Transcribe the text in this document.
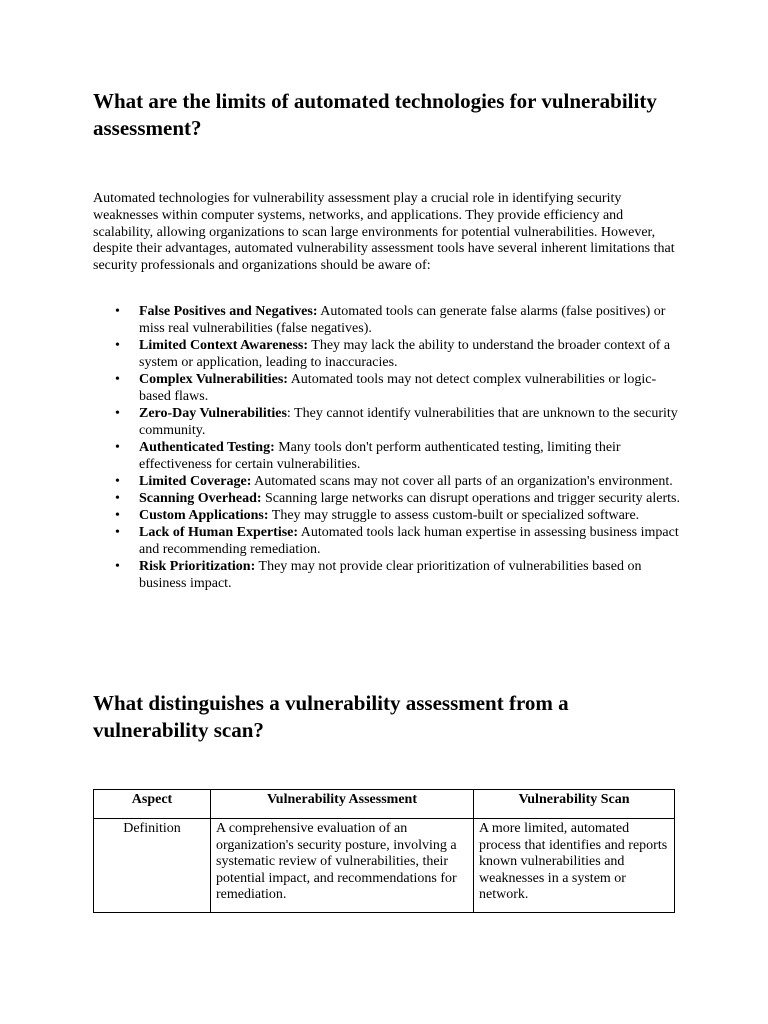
What are the limits of automated technologies for vulnerability assessment?

Automated technologies for vulnerability assessment play a crucial role in identifying security weaknesses within computer systems, networks, and applications. They provide efficiency and scalability, allowing organizations to scan large environments for potential vulnerabilities. However, despite their advantages, automated vulnerability assessment tools have several inherent limitations that security professionals and organizations should be aware of:

• False Positives and Negatives: Automated tools can generate false alarms (false positives) or miss real vulnerabilities (false negatives).
• Limited Context Awareness: They may lack the ability to understand the broader context of a system or application, leading to inaccuracies.
• Complex Vulnerabilities: Automated tools may not detect complex vulnerabilities or logic-based flaws.
• Zero-Day Vulnerabilities: They cannot identify vulnerabilities that are unknown to the security community.
• Authenticated Testing: Many tools don't perform authenticated testing, limiting their effectiveness for certain vulnerabilities.
• Limited Coverage: Automated scans may not cover all parts of an organization's environment.
• Scanning Overhead: Scanning large networks can disrupt operations and trigger security alerts.
• Custom Applications: They may struggle to assess custom-built or specialized software.
• Lack of Human Expertise: Automated tools lack human expertise in assessing business impact and recommending remediation.
• Risk Prioritization: They may not provide clear prioritization of vulnerabilities based on business impact.
What distinguishes a vulnerability assessment from a vulnerability scan?
Aspect	Vulnerability Assessment	Vulnerability Scan
Definition	A comprehensive evaluation of an organization's security posture, involving a systematic review of vulnerabilities, their potential impact, and recommendations for remediation.	A more limited, automated process that identifies and reports known vulnerabilities and weaknesses in a system or network.
